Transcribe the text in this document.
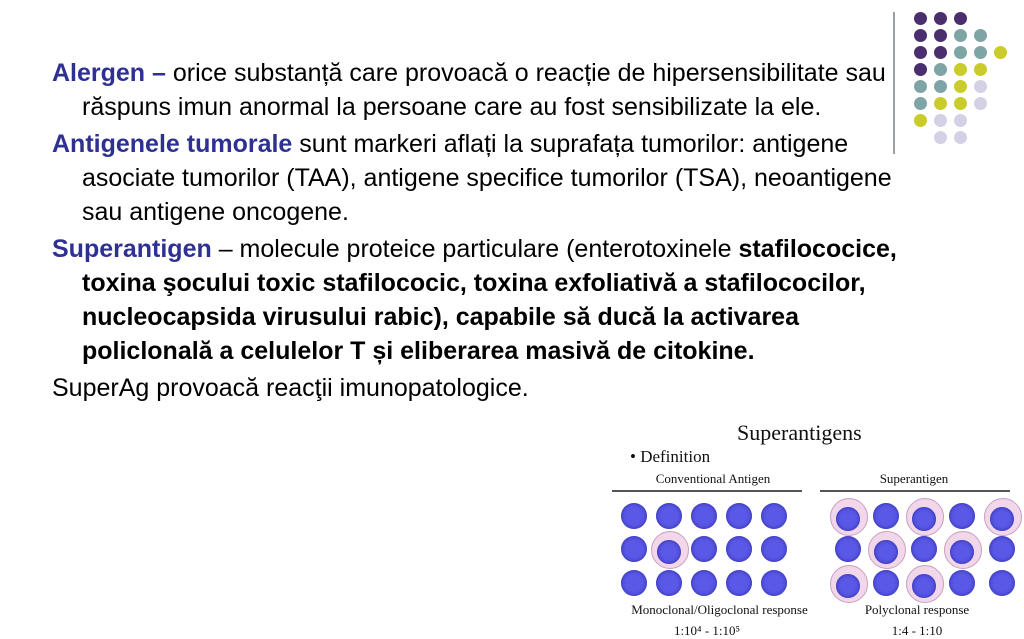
Alergen – orice substanță care provoacă o reacție de hipersensibilitate sau răspuns imun anormal la persoane care au fost sensibilizate la ele.

Antigenele tumorale sunt markeri aflați la suprafața tumorilor: antigene asociate tumorilor (TAA), antigene specifice tumorilor (TSA), neoantigene sau antigene oncogene.

Superantigen – molecule proteice particulare (enterotoxinele stafilococice, toxina şocului toxic stafilococic, toxina exfoliativă a stafilococilor, nucleocapsida virusului rabic), capabile să ducă la activarea policlonală a celulelor T și eliberarea masivă de citokine.

SuperAg provoacă reacţii imunopatologice.

Superantigens
• Definition
Conventional Antigen	Superantigen
Monoclonal/Oligoclonal response
1:10⁴ - 1:10⁵
Polyclonal response
1:4 - 1:10
